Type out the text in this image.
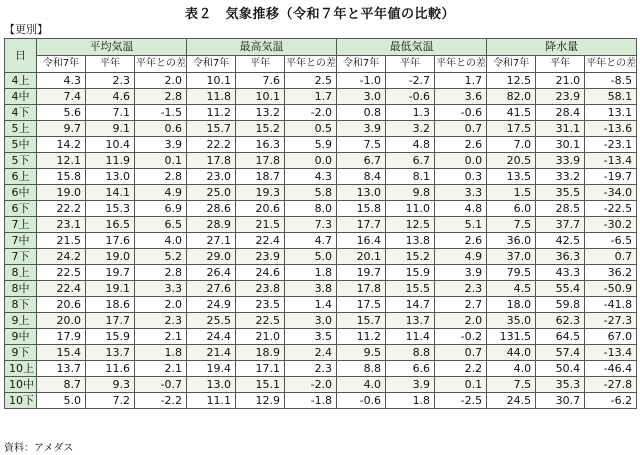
表２　気象推移（令和７年と平年値の比較）
【更別】
日	平均気温			最高気温			最低気温			降水量		
	令和7年	平年	平年との差	令和7年	平年	平年との差	令和7年	平年	平年との差	令和7年	平年	平年との差
4上	4.3	2.3	2.0	10.1	7.6	2.5	-1.0	-2.7	1.7	12.5	21.0	-8.5
4中	7.4	4.6	2.8	11.8	10.1	1.7	3.0	-0.6	3.6	82.0	23.9	58.1
4下	5.6	7.1	-1.5	11.2	13.2	-2.0	0.8	1.3	-0.6	41.5	28.4	13.1
5上	9.7	9.1	0.6	15.7	15.2	0.5	3.9	3.2	0.7	17.5	31.1	-13.6
5中	14.2	10.4	3.9	22.2	16.3	5.9	7.5	4.8	2.6	7.0	30.1	-23.1
5下	12.1	11.9	0.1	17.8	17.8	0.0	6.7	6.7	0.0	20.5	33.9	-13.4
6上	15.8	13.0	2.8	23.0	18.7	4.3	8.4	8.1	0.3	13.5	33.2	-19.7
6中	19.0	14.1	4.9	25.0	19.3	5.8	13.0	9.8	3.3	1.5	35.5	-34.0
6下	22.2	15.3	6.9	28.6	20.6	8.0	15.8	11.0	4.8	6.0	28.5	-22.5
7上	23.1	16.5	6.5	28.9	21.5	7.3	17.7	12.5	5.1	7.5	37.7	-30.2
7中	21.5	17.6	4.0	27.1	22.4	4.7	16.4	13.8	2.6	36.0	42.5	-6.5
7下	24.2	19.0	5.2	29.0	23.9	5.0	20.1	15.2	4.9	37.0	36.3	0.7
8上	22.5	19.7	2.8	26.4	24.6	1.8	19.7	15.9	3.9	79.5	43.3	36.2
8中	22.4	19.1	3.3	27.6	23.8	3.8	17.8	15.5	2.3	4.5	55.4	-50.9
8下	20.6	18.6	2.0	24.9	23.5	1.4	17.5	14.7	2.7	18.0	59.8	-41.8
9上	20.0	17.7	2.3	25.5	22.5	3.0	15.7	13.7	2.0	35.0	62.3	-27.3
9中	17.9	15.9	2.1	24.4	21.0	3.5	11.2	11.4	-0.2	131.5	64.5	67.0
9下	15.4	13.7	1.8	21.4	18.9	2.4	9.5	8.8	0.7	44.0	57.4	-13.4
10上	13.7	11.6	2.1	19.4	17.1	2.3	8.8	6.6	2.2	4.0	50.4	-46.4
10中	8.7	9.3	-0.7	13.0	15.1	-2.0	4.0	3.9	0.1	7.5	35.3	-27.8
10下	5.0	7.2	-2.2	11.1	12.9	-1.8	-0.6	1.8	-2.5	24.5	30.7	-6.2
資料：アメダス
